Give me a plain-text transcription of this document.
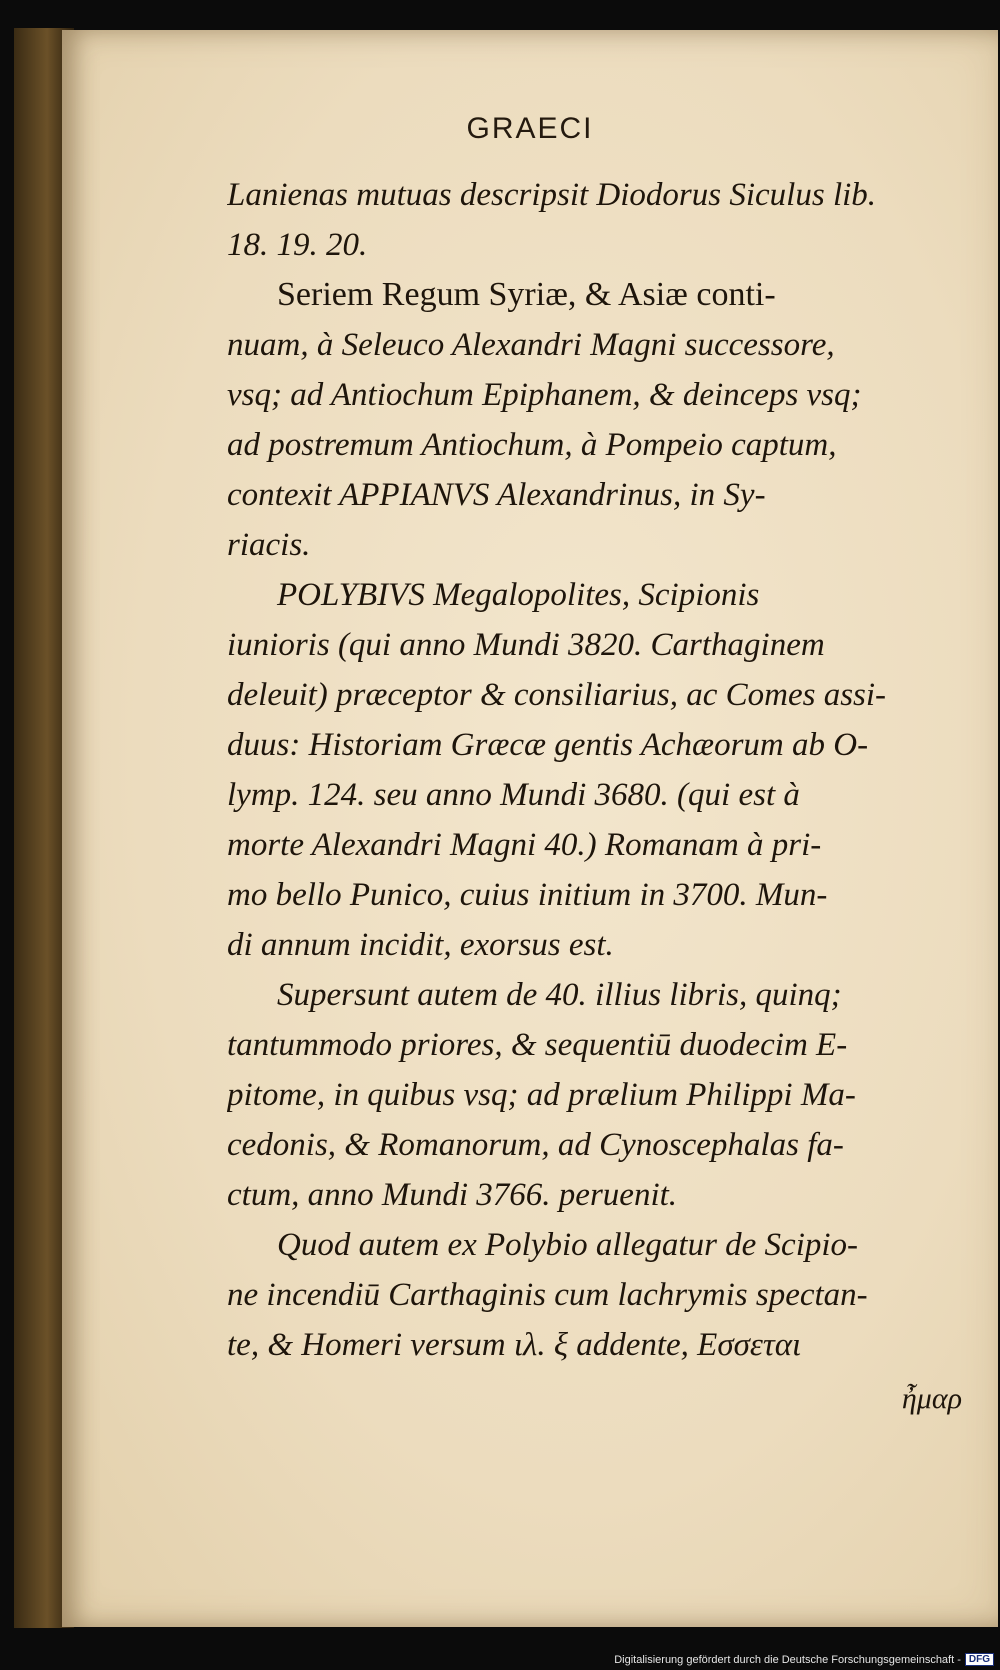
GRAECI
Lanienas mutuas descripsit Diodorus Siculus lib.
18. 19. 20.
Seriem Regum Syriæ, & Asiæ conti-
nuam, à Seleuco Alexandri Magni successore,
vsq; ad Antiochum Epiphanem, & deinceps vsq;
ad postremum Antiochum, à Pompeio captum,
contexit APPIANVS Alexandrinus, in Sy-
riacis.
POLYBIVS Megalopolites, Scipionis
iunioris (qui anno Mundi 3820. Carthaginem
deleuit) præceptor & consiliarius, ac Comes assi-
duus: Historiam Græcæ gentis Achæorum ab O-
lymp. 124. seu anno Mundi 3680. (qui est à
morte Alexandri Magni 40.) Romanam à pri-
mo bello Punico, cuius initium in 3700. Mun-
di annum incidit, exorsus est.
Supersunt autem de 40. illius libris, quinq;
tantummodo priores, & sequentiū duodecim E-
pitome, in quibus vsq; ad prælium Philippi Ma-
cedonis, & Romanorum, ad Cynoscephalas fa-
ctum, anno Mundi 3766. peruenit.
Quod autem ex Polybio allegatur de Scipio-
ne incendiū Carthaginis cum lachrymis spectan-
te, & Homeri versum ιλ. ξ addente, Εσσεται
ἦμαρ
Digitalisierung gefördert durch die Deutsche Forschungsgemeinschaft - DFG
